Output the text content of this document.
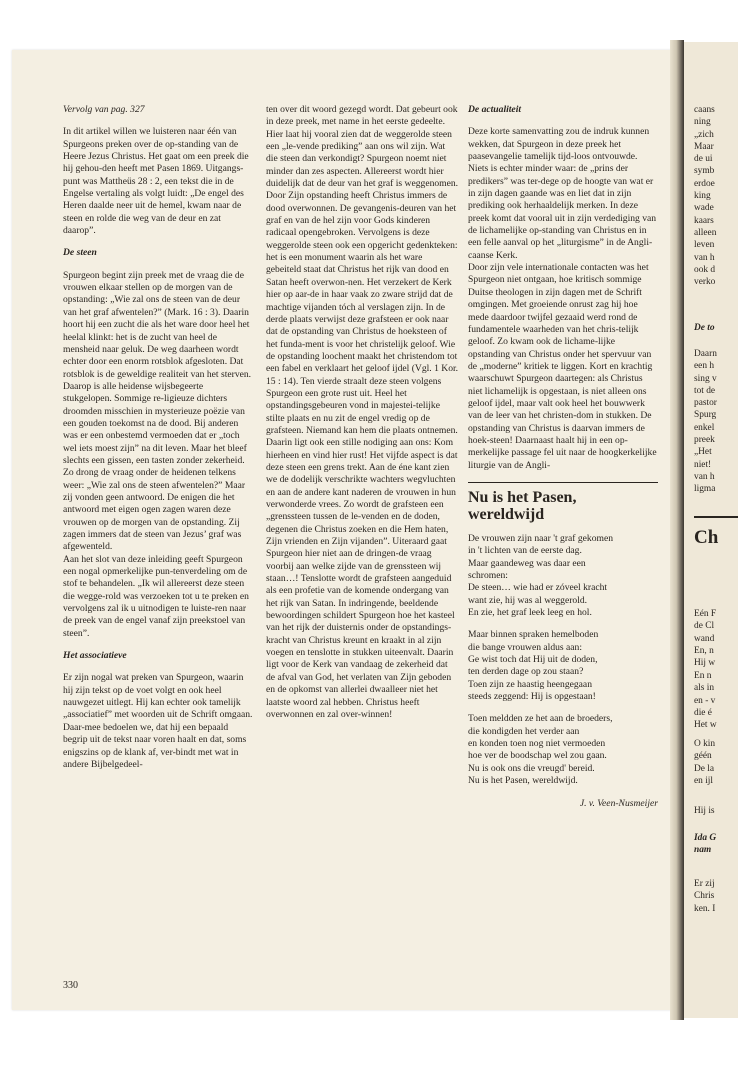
Vervolg van pag. 327

In dit artikel willen we luisteren naar één van Spurgeons preken over de op-standing van de Heere Jezus Christus. Het gaat om een preek die hij gehou-den heeft met Pasen 1869. Uitgangs-punt was Mattheüs 28 : 2, een tekst die in de Engelse vertaling als volgt luidt: „De engel des Heren daalde neer uit de hemel, kwam naar de steen en rolde die weg van de deur en zat daarop”.

De steen

Spurgeon begint zijn preek met de vraag die de vrouwen elkaar stellen op de morgen van de opstanding: „Wie zal ons de steen van de deur van het graf afwentelen?” (Mark. 16 : 3). Daarin hoort hij een zucht die als het ware door heel het heelal klinkt: het is de zucht van heel de mensheid naar geluk. De weg daarheen wordt echter door een enorm rotsblok afgesloten. Dat rotsblok is de geweldige realiteit van het sterven. Daarop is alle heidense wijsbegeerte stukgelopen. Sommige re-ligieuze dichters droomden misschien in mysterieuze poëzie van een gouden toekomst na de dood. Bij anderen was er een onbestemd vermoeden dat er „toch wel iets moest zijn” na dit leven. Maar het bleef slechts een gissen, een tasten zonder zekerheid. Zo drong de vraag onder de heidenen telkens weer: „Wie zal ons de steen afwentelen?” Maar zij vonden geen antwoord. De enigen die het antwoord met eigen ogen zagen waren deze vrouwen op de morgen van de opstanding. Zij zagen immers dat de steen van Jezus’ graf was afgewenteld.
Aan het slot van deze inleiding geeft Spurgeon een nogal opmerkelijke pun-tenverdeling om de stof te behandelen. „Ik wil allereerst deze steen die wegge-rold was verzoeken tot u te preken en vervolgens zal ik u uitnodigen te luiste-ren naar de preek van de engel vanaf zijn preekstoel van steen”.

Het associatieve

Er zijn nogal wat preken van Spurgeon, waarin hij zijn tekst op de voet volgt en ook heel nauwgezet uitlegt. Hij kan echter ook tamelijk „associatief” met woorden uit de Schrift omgaan. Daar-mee bedoelen we, dat hij een bepaald begrip uit de tekst naar voren haalt en dat, soms enigszins op de klank af, ver-bindt met wat in andere Bijbelgedeel-

ten over dit woord gezegd wordt. Dat gebeurt ook in deze preek, met name in het eerste gedeelte. Hier laat hij vooral zien dat de weggerolde steen een „le-vende prediking” aan ons wil zijn. Wat die steen dan verkondigt? Spurgeon noemt niet minder dan zes aspecten. Allereerst wordt hier duidelijk dat de deur van het graf is weggenomen. Door Zijn opstanding heeft Christus immers de dood overwonnen. De gevangenis-deuren van het graf en van de hel zijn voor Gods kinderen radicaal opengebroken. Vervolgens is deze weggerolde steen ook een opgericht gedenkteken: het is een monument waarin als het ware gebeiteld staat dat Christus het rijk van dood en Satan heeft overwon-nen. Het verzekert de Kerk hier op aar-de in haar vaak zo zware strijd dat de machtige vijanden tóch al verslagen zijn. In de derde plaats verwijst deze grafsteen er ook naar dat de opstanding van Christus de hoeksteen of het funda-ment is voor het christelijk geloof. Wie de opstanding loochent maakt het christendom tot een fabel en verklaart het geloof ijdel (Vgl. 1 Kor. 15 : 14). Ten vierde straalt deze steen volgens Spurgeon een grote rust uit. Heel het opstandingsgebeuren vond in majestei-telijke stilte plaats en nu zit de engel vredig op de grafsteen. Niemand kan hem die plaats ontnemen. Daarin ligt ook een stille nodiging aan ons: Kom hierheen en vind hier rust! Het vijfde aspect is dat deze steen een grens trekt. Aan de éne kant zien we de dodelijk verschrikte wachters wegvluchten en aan de andere kant naderen de vrouwen in hun verwonderde vrees. Zo wordt de grafsteen een „grenssteen tussen de le-venden en de doden, degenen die Christus zoeken en die Hem haten, Zijn vrienden en Zijn vijanden”. Uiteraard gaat Spurgeon hier niet aan de dringen-de vraag voorbij aan welke zijde van de grenssteen wij staan…! Tenslotte wordt de grafsteen aangeduid als een profetie van de komende ondergang van het rijk van Satan. In indringende, beeldende bewoordingen schildert Spurgeon hoe het kasteel van het rijk der duisternis onder de opstandings-kracht van Christus kreunt en kraakt in al zijn voegen en tenslotte in stukken uiteenvalt. Daarin ligt voor de Kerk van vandaag de zekerheid dat de afval van God, het verlaten van Zijn geboden en de opkomst van allerlei dwaalleer niet het laatste woord zal hebben. Christus heeft overwonnen en zal over-winnen!

De actualiteit

Deze korte samenvatting zou de indruk kunnen wekken, dat Spurgeon in deze preek het paasevangelie tamelijk tijd-loos ontvouwde. Niets is echter minder waar: de „prins der predikers” was ter-dege op de hoogte van wat er in zijn dagen gaande was en liet dat in zijn prediking ook herhaaldelijk merken. In deze preek komt dat vooral uit in zijn verdediging van de lichamelijke op-standing van Christus en in een felle aanval op het „liturgisme” in de Angli-caanse Kerk.
Door zijn vele internationale contacten was het Spurgeon niet ontgaan, hoe kritisch sommige Duitse theologen in zijn dagen met de Schrift omgingen. Met groeiende onrust zag hij hoe mede daardoor twijfel gezaaid werd rond de fundamentele waarheden van het chris-telijk geloof. Zo kwam ook de lichame-lijke opstanding van Christus onder het spervuur van de „moderne” kritiek te liggen. Kort en krachtig waarschuwt Spurgeon daartegen: als Christus niet lichamelijk is opgestaan, is niet alleen ons geloof ijdel, maar valt ook heel het bouwwerk van de leer van het christen-dom in stukken. De opstanding van Christus is daarvan immers de hoek-steen! Daarnaast haalt hij in een op-merkelijke passage fel uit naar de hoogkerkelijke liturgie van de Angli-

Nu is het Pasen,
wereldwijd

De vrouwen zijn naar 't graf gekomen
in 't lichten van de eerste dag.
Maar gaandeweg was daar een
schromen:
De steen… wie had er zóveel kracht
want zie, hij was al weggerold.
En zie, het graf leek leeg en hol.

Maar binnen spraken hemelboden
die bange vrouwen aldus aan:
Ge wist toch dat Hij uit de doden,
ten derden dage op zou staan?
Toen zijn ze haastig heengegaan
steeds zeggend: Hij is opgestaan!

Toen meldden ze het aan de broeders,
die kondigden het verder aan
en konden toen nog niet vermoeden
hoe ver de boodschap wel zou gaan.
Nu is ook ons die vreugd' bereid.
Nu is het Pasen, wereldwijd.

J. v. Veen-Nusmeijer

330
caans
ning
„zich
Maar
de ui
symb
erdoe
king
wade
kaars
alleen
leven
van h
ook d
verko
De to
Daarn
een h
sing v
tot de
pastor
Spurg
enkel
preek
„Het
niet!
van h
ligma
Ch
Eén F
de Cl
wand
En, n
Hij w
En n
als in
en - v
die é
Het w
O kin
géén
De la
en ijl
Hij is
Ida G
nam
Er zij
Chris
ken. I
